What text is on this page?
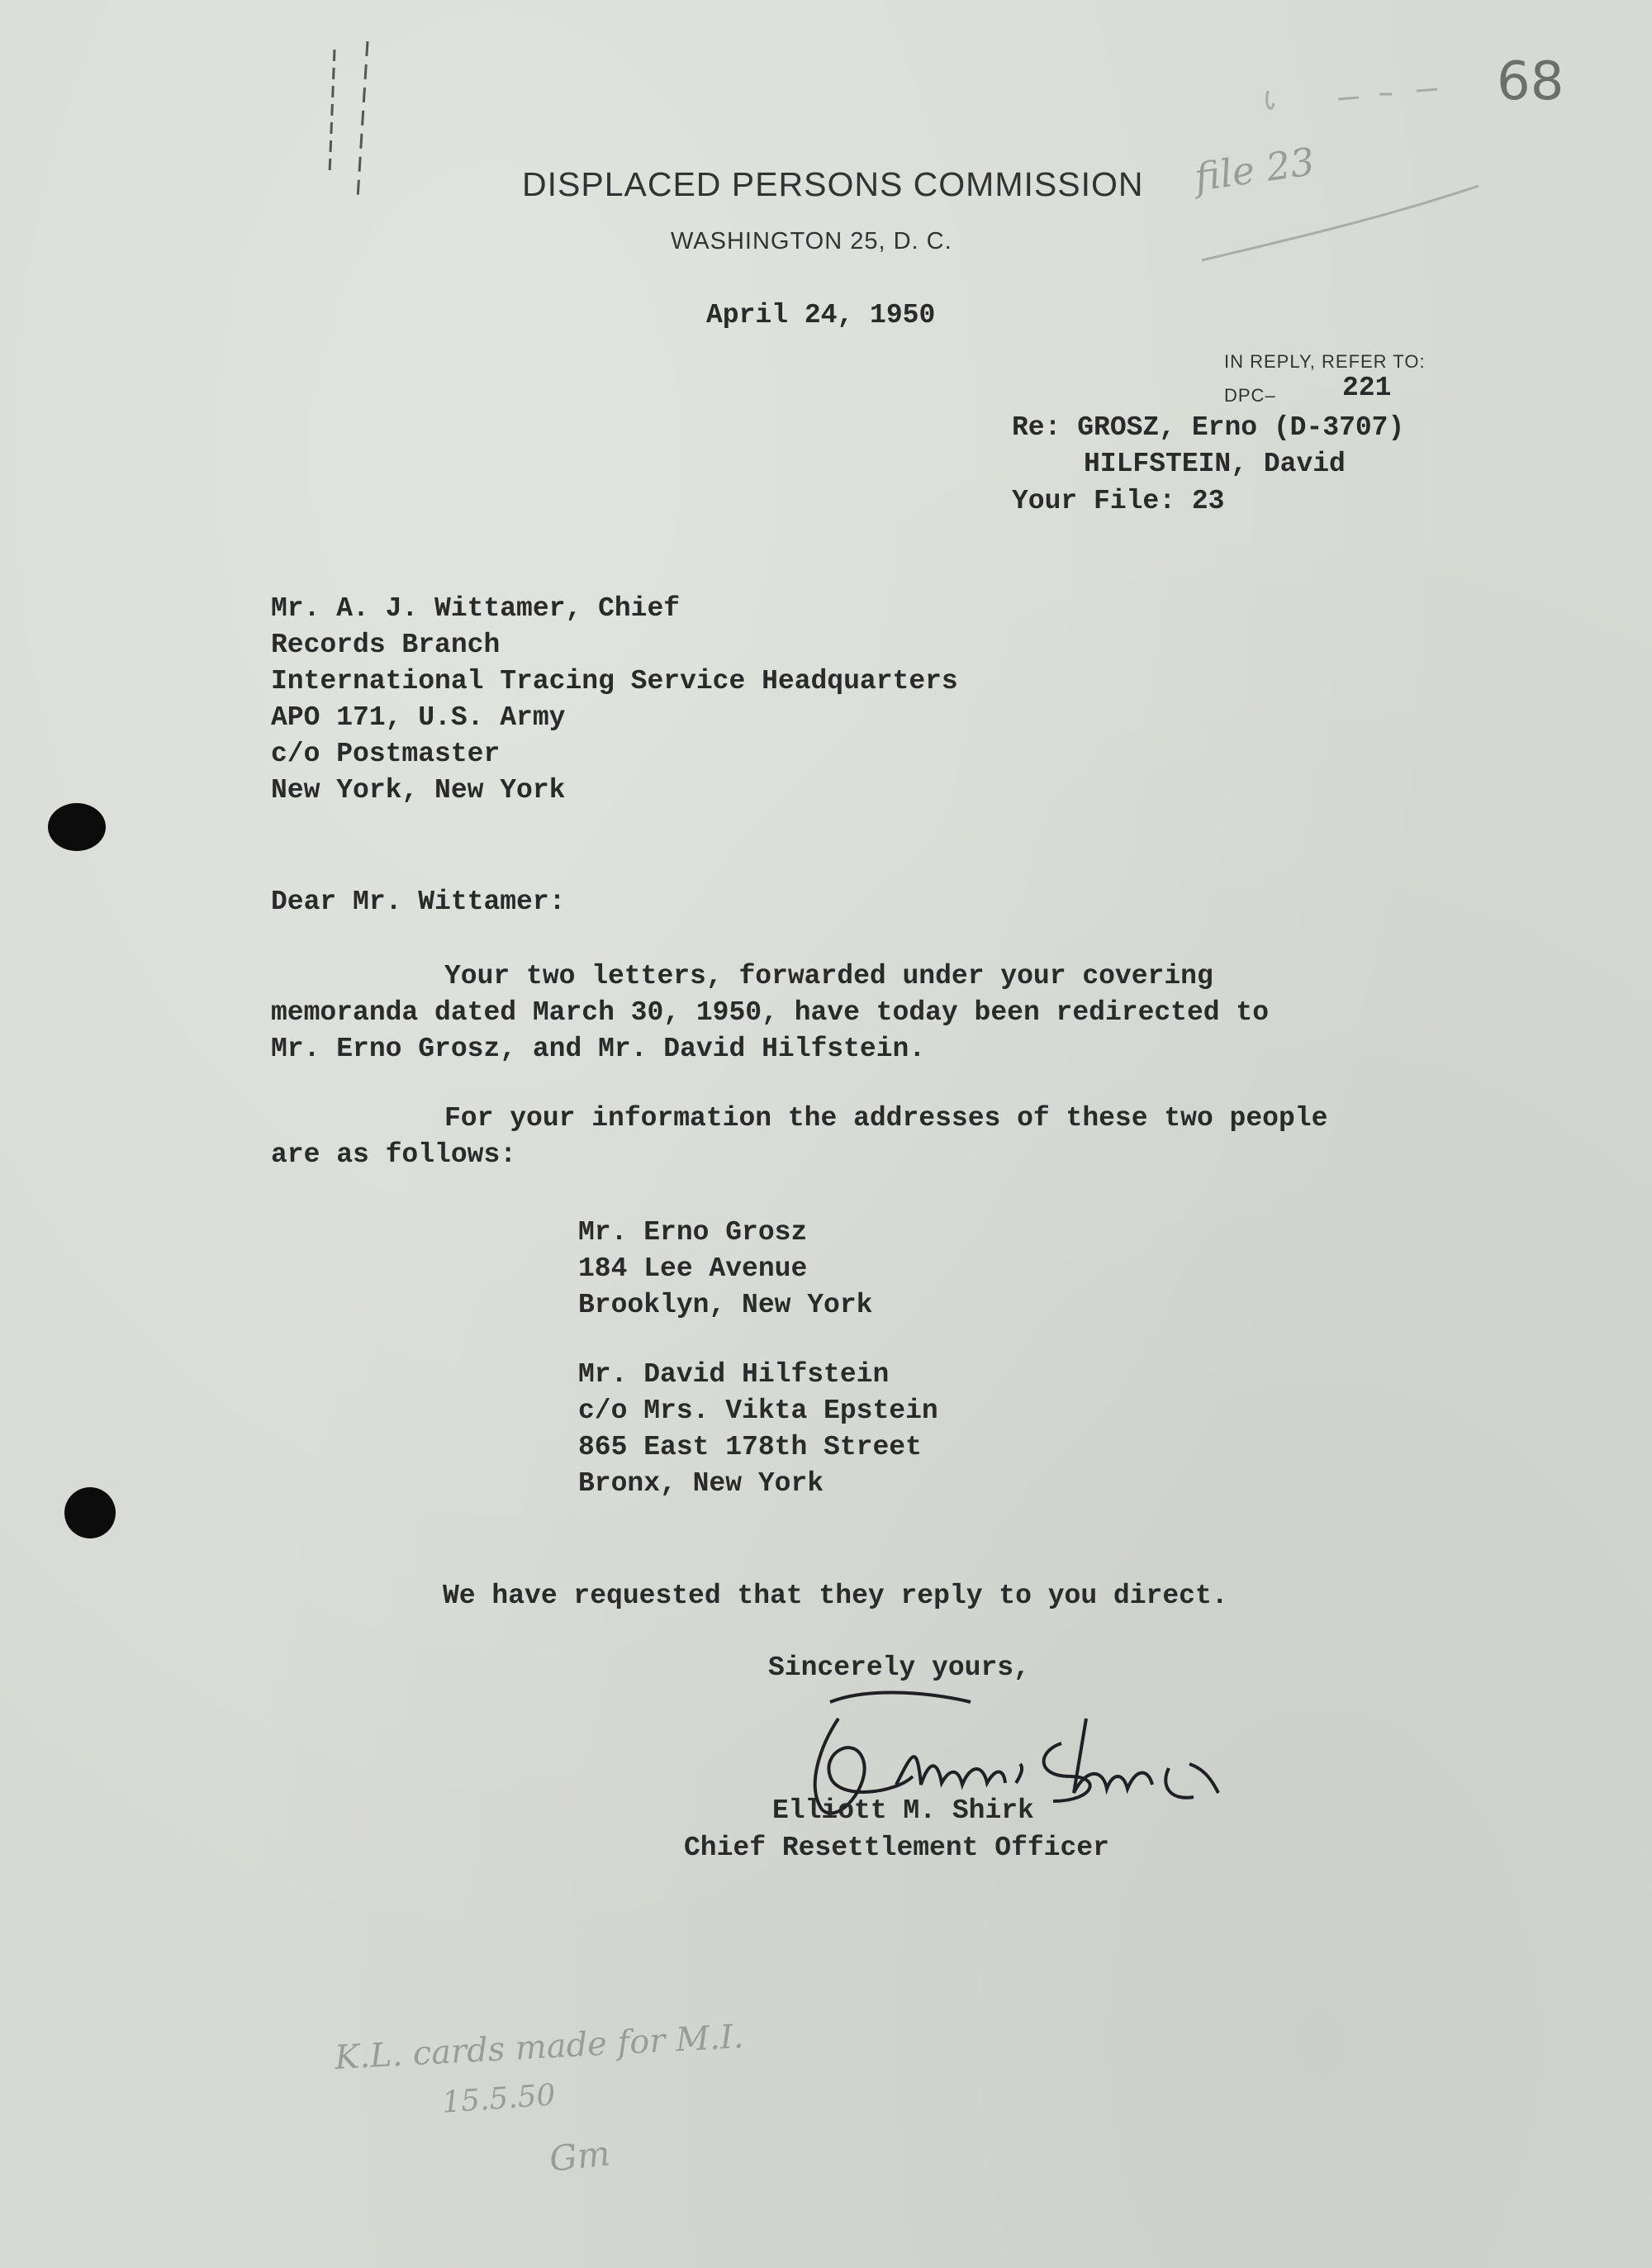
68
file 23
DISPLACED PERSONS COMMISSION
WASHINGTON 25, D. C.
April 24, 1950
IN REPLY, REFER TO:
DPC– 221
Re: GROSZ, Erno (D-3707)
HILFSTEIN, David
Your File: 23
Mr. A. J. Wittamer, Chief
Records Branch
International Tracing Service Headquarters
APO 171, U.S. Army
c/o Postmaster
New York, New York
Dear Mr. Wittamer:
Your two letters, forwarded under your covering
memoranda dated March 30, 1950, have today been redirected to
Mr. Erno Grosz, and Mr. David Hilfstein.
For your information the addresses of these two people
are as follows:
Mr. Erno Grosz
184 Lee Avenue
Brooklyn, New York
Mr. David Hilfstein
c/o Mrs. Vikta Epstein
865 East 178th Street
Bronx, New York
We have requested that they reply to you direct.
Sincerely yours,
Elliott M. Shirk
Chief Resettlement Officer
K.L. cards made for M.I.
15.5.50
Gm
